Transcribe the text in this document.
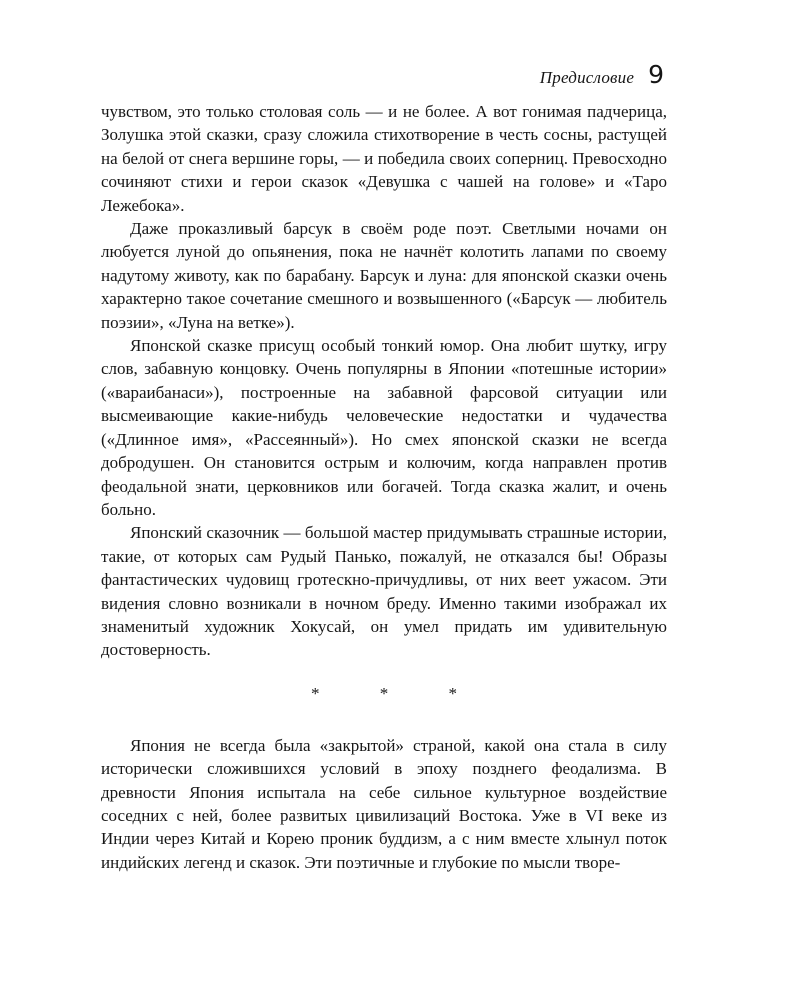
Предисловие 9

чувством, это только столовая соль — и не более. А вот гонимая падчерица, Золушка этой сказки, сразу сложила стихотворение в честь сосны, растущей на белой от снега вершине горы, — и победила своих соперниц. Превосходно сочиняют стихи и герои сказок «Девушка с чашей на голове» и «Таро Лежебока».

Даже проказливый барсук в своём роде поэт. Светлыми ночами он любуется луной до опьянения, пока не начнёт колотить лапами по своему надутому животу, как по барабану. Барсук и луна: для японской сказки очень характерно такое сочетание смешного и возвышенного («Барсук — любитель поэзии», «Луна на ветке»).

Японской сказке присущ особый тонкий юмор. Она любит шутку, игру слов, забавную концовку. Очень популярны в Японии «потешные истории» («вараибанаси»), построенные на забавной фарсовой ситуации или высмеивающие какие-нибудь человеческие недостатки и чудачества («Длинное имя», «Рассеянный»). Но смех японской сказки не всегда добродушен. Он становится острым и колючим, когда направлен против феодальной знати, церковников или богачей. Тогда сказка жалит, и очень больно.

Японский сказочник — большой мастер придумывать страшные истории, такие, от которых сам Рудый Панько, пожалуй, не отказался бы! Образы фантастических чудовищ гротескно-причудливы, от них веет ужасом. Эти видения словно возникали в ночном бреду. Именно такими изображал их знаменитый художник Хокусай, он умел придать им удивительную достоверность.

* * *

Япония не всегда была «закрытой» страной, какой она стала в силу исторически сложившихся условий в эпоху позднего феодализма. В древности Япония испытала на себе сильное культурное воздействие соседних с ней, более развитых цивилизаций Востока. Уже в VI веке из Индии через Китай и Корею проник буддизм, а с ним вместе хлынул поток индийских легенд и сказок. Эти поэтичные и глубокие по мысли творе-
